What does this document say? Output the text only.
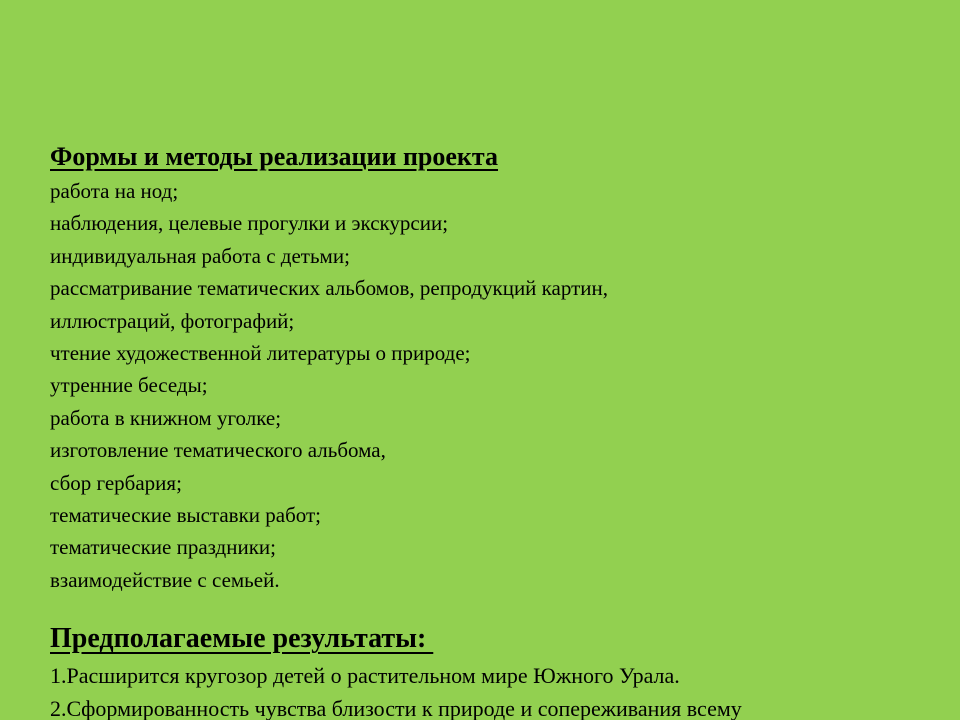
Формы и методы реализации проекта
работа на нод;
наблюдения, целевые прогулки и экскурсии;
индивидуальная работа с детьми;
рассматривание тематических альбомов, репродукций картин,
иллюстраций, фотографий;
чтение художественной литературы о природе;
утренние беседы;
работа в книжном уголке;
изготовление тематического альбома,
сбор гербария;
тематические выставки работ;
тематические праздники;
взаимодействие с семьей.
Предполагаемые результаты:
1.Расширится кругозор детей о растительном мире Южного Урала.
2.Сформированность чувства близости к природе и сопереживания всему
